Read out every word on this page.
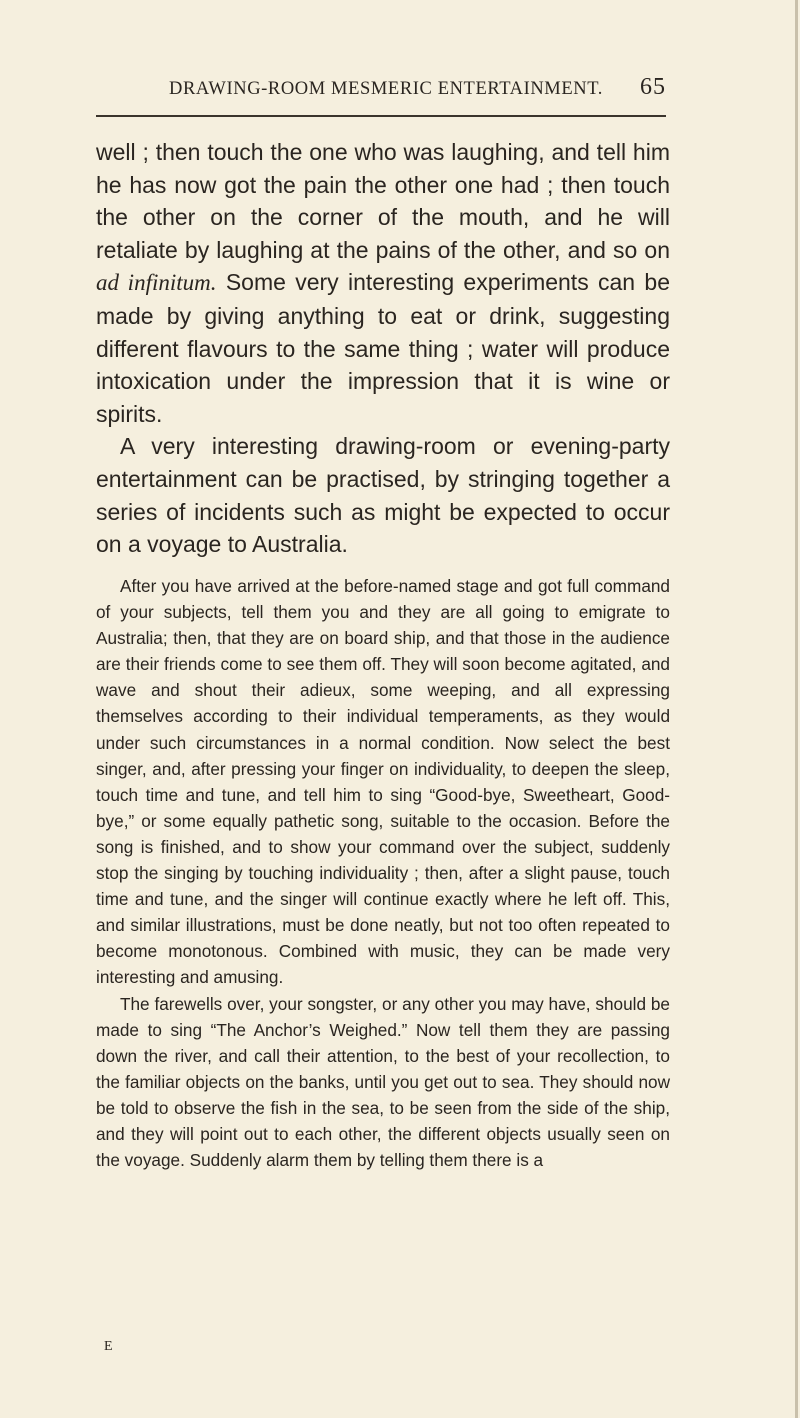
DRAWING-ROOM MESMERIC ENTERTAINMENT.	65

well ; then touch the one who was laughing, and tell him he has now got the pain the other one had ; then touch the other on the corner of the mouth, and he will retaliate by laughing at the pains of the other, and so on ad infinitum. Some very interesting experiments can be made by giving anything to eat or drink, suggesting different flavours to the same thing ; water will produce intoxication under the impression that it is wine or spirits.

A very interesting drawing-room or evening-party entertainment can be practised, by stringing together a series of incidents such as might be expected to occur on a voyage to Australia.

After you have arrived at the before-named stage and got full command of your subjects, tell them you and they are all going to emigrate to Australia; then, that they are on board ship, and that those in the audience are their friends come to see them off. They will soon become agitated, and wave and shout their adieux, some weeping, and all expressing themselves according to their individual temperaments, as they would under such circumstances in a normal condition. Now select the best singer, and, after pressing your finger on individuality, to deepen the sleep, touch time and tune, and tell him to sing “Good-bye, Sweetheart, Good-bye,” or some equally pathetic song, suitable to the occasion. Before the song is finished, and to show your command over the subject, suddenly stop the singing by touching individuality ; then, after a slight pause, touch time and tune, and the singer will continue exactly where he left off. This, and similar illustrations, must be done neatly, but not too often repeated to become monotonous. Combined with music, they can be made very interesting and amusing.

The farewells over, your songster, or any other you may have, should be made to sing “The Anchor’s Weighed.” Now tell them they are passing down the river, and call their attention, to the best of your recollection, to the familiar objects on the banks, until you get out to sea. They should now be told to observe the fish in the sea, to be seen from the side of the ship, and they will point out to each other, the different objects usually seen on the voyage. Suddenly alarm them by telling them there is a

E
